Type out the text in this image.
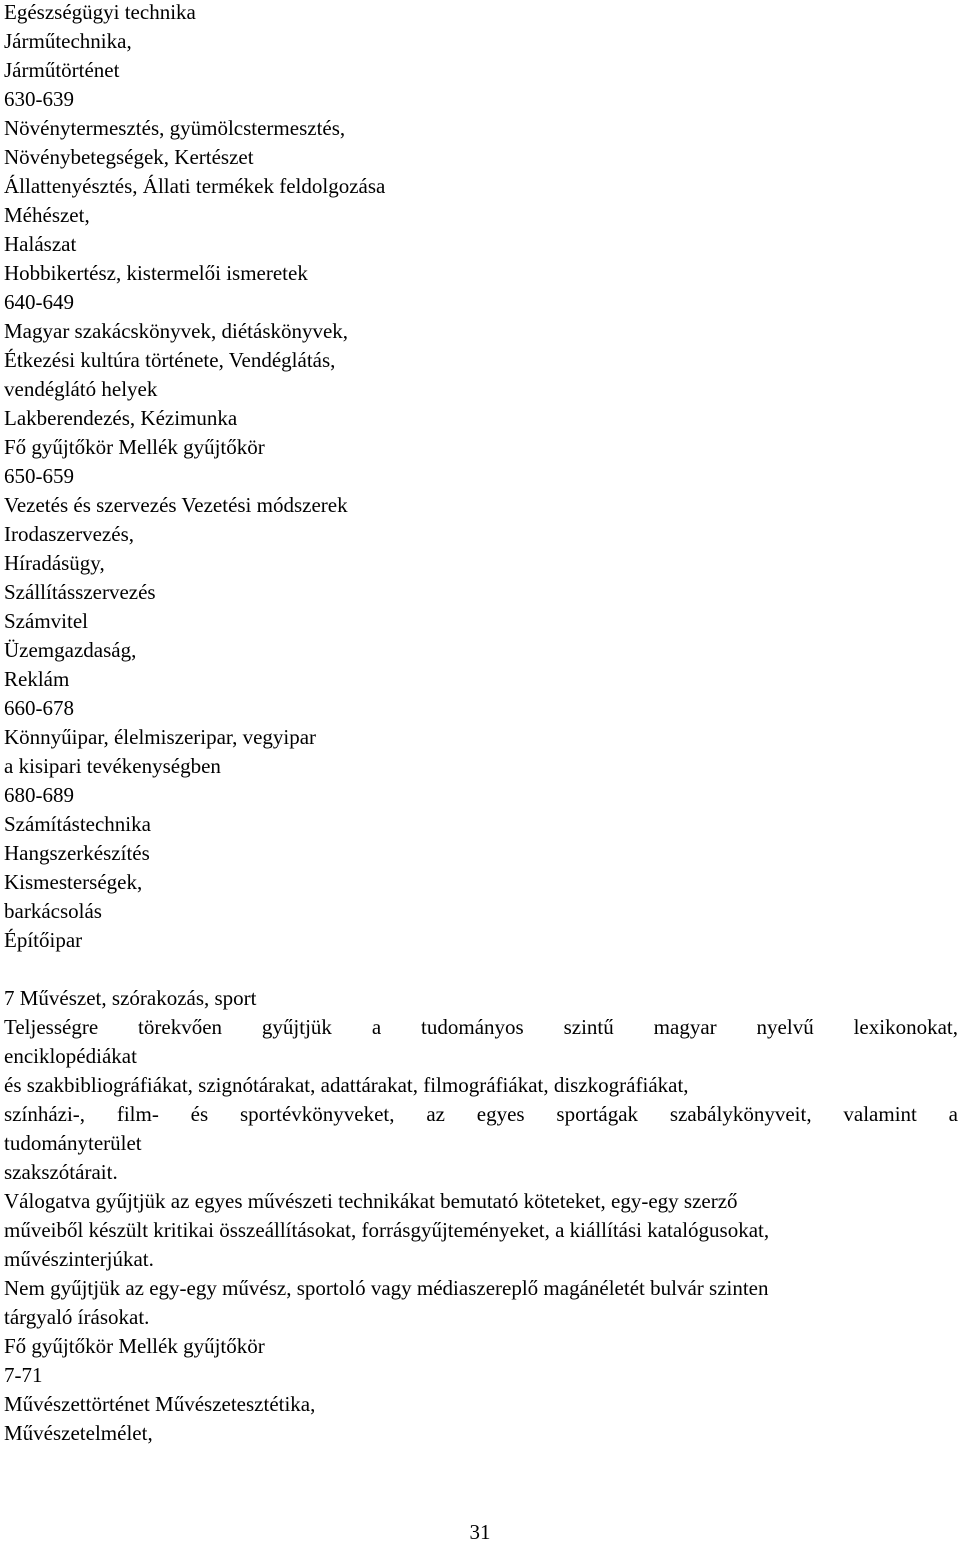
Egészségügyi technika
Járműtechnika,
Járműtörténet
630-639
Növénytermesztés, gyümölcstermesztés,
Növénybetegségek, Kertészet
Állattenyésztés, Állati termékek feldolgozása
Méhészet,
Halászat
Hobbikertész, kistermelői ismeretek
640-649
Magyar szakácskönyvek, diétáskönyvek,
Étkezési kultúra története, Vendéglátás,
vendéglátó helyek
Lakberendezés, Kézimunka
Fő gyűjtőkör Mellék gyűjtőkör
650-659
Vezetés és szervezés Vezetési módszerek
Irodaszervezés,
Híradásügy,
Szállításszervezés
Számvitel
Üzemgazdaság,
Reklám
660-678
Könnyűipar, élelmiszeripar, vegyipar
a kisipari tevékenységben
680-689
Számítástechnika
Hangszerkészítés
Kismesterségek,
barkácsolás
Építőipar
7 Művészet, szórakozás, sport
Teljességre törekvően gyűjtjük a tudományos szintű magyar nyelvű lexikonokat,
enciklopédiákat
és szakbibliográfiákat, szignótárakat, adattárakat, filmográfiákat, diszkográfiákat,
színházi-, film- és sportévkönyveket, az egyes sportágak szabálykönyveit, valamint a
tudományterület
szakszótárait.
Válogatva gyűjtjük az egyes művészeti technikákat bemutató köteteket, egy-egy szerző
műveiből készült kritikai összeállításokat, forrásgyűjteményeket, a kiállítási katalógusokat,
művészinterjúkat.
Nem gyűjtjük az egy-egy művész, sportoló vagy médiaszereplő magánéletét bulvár szinten
tárgyaló írásokat.
Fő gyűjtőkör Mellék gyűjtőkör
7-71
Művészettörténet Művészetesztétika,
Művészetelmélet,
31
